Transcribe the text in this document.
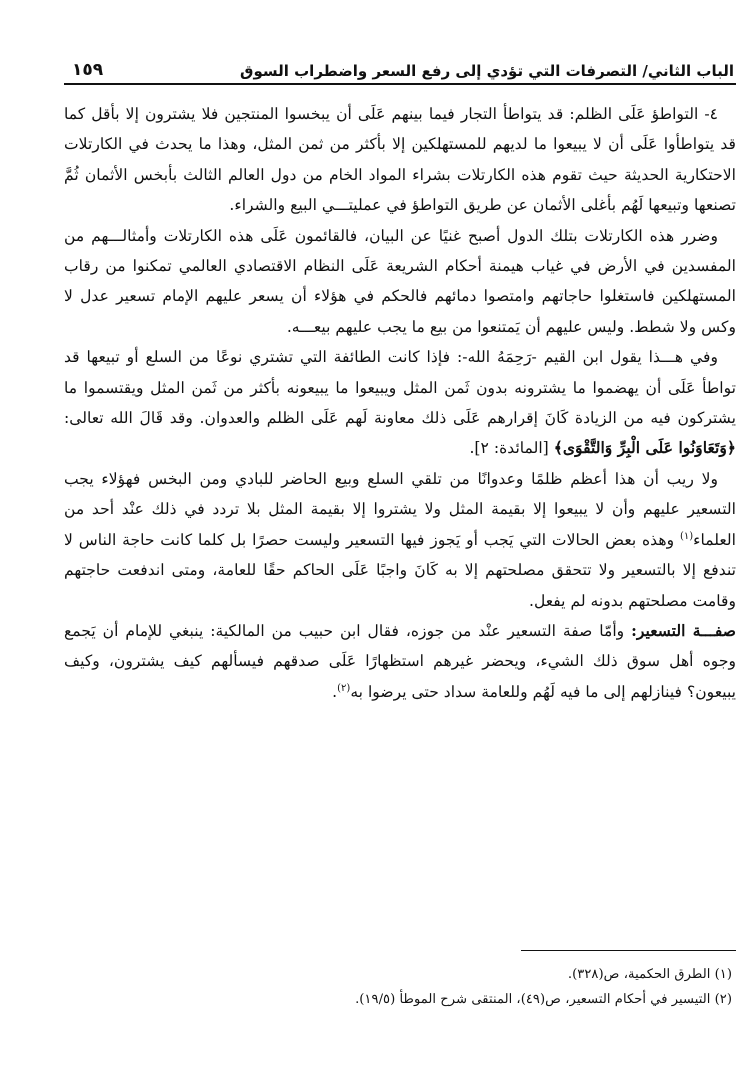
الباب الثاني/ التصرفات التي تؤدي إلى رفع السعر واضطراب السوق
١٥٩

٤- التواطؤ عَلَى الظلم: قد يتواطأ التجار فيما بينهم عَلَى أن يبخسوا المنتجين فلا يشترون إلا بأقل كما قد يتواطأوا عَلَى أن لا يبيعوا ما لديهم للمستهلكين إلا بأكثر من ثمن المثل، وهذا ما يحدث في الكارتلات الاحتكارية الحديثة حيث تقوم هذه الكارتلات بشراء المواد الخام من دول العالم الثالث بأبخس الأثمان ثُمَّ تصنعها وتبيعها لَهُم بأغلى الأثمان عن طريق التواطؤ في عمليتـــي البيع والشراء.

وضرر هذه الكارتلات بتلك الدول أصبح غنيًا عن البيان، فالقائمون عَلَى هذه الكارتلات وأمثالـــهم من المفسدين في الأرض في غياب هيمنة أحكام الشريعة عَلَى النظام الاقتصادي العالمي تمكنوا من رقاب المستهلكين فاستغلوا حاجاتهم وامتصوا دمائهم فالحكم في هؤلاء أن يسعر عليهم الإمام تسعير عدل لا وكس ولا شطط. وليس عليهم أن يَمتنعوا من بيع ما يجب عليهم بيعـــه.

وفي هـــذا يقول ابن القيم -رَحِمَهُ الله-: فإذا كانت الطائفة التي تشتري نوعًا من السلع أو تبيعها قد تواطأ عَلَى أن يهضموا ما يشترونه بدون ثَمن المثل ويبيعوا ما يبيعونه بأكثر من ثَمن المثل ويقتسموا ما يشتركون فيه من الزيادة كَانَ إقرارهم عَلَى ذلك معاونة لَهم عَلَى الظلم والعدوان. وقد قَالَ الله تعالى: ﴿وَتَعَاوَنُوا عَلَى الْبِرِّ وَالتَّقْوَى﴾ [المائدة: ٢].

ولا ريب أن هذا أعظم ظلمًا وعدوانًا من تلقي السلع وبيع الحاضر للبادي ومن البخس فهؤلاء يجب التسعير عليهم وأن لا يبيعوا إلا بقيمة المثل ولا يشتروا إلا بقيمة المثل بلا تردد في ذلك عنْد أحد من العلماء$^{(١)}$ وهذه بعض الحالات التي يَجب أو يَجوز فيها التسعير وليست حصرًا بل كلما كانت حاجة الناس لا تندفع إلا بالتسعير ولا تتحقق مصلحتهم إلا به كَانَ واجبًا عَلَى الحاكم حقًا للعامة، ومتى اندفعت حاجتهم وقامت مصلحتهم بدونه لم يفعل.

صفـــة التسعير: وأمّا صفة التسعير عنْد من جوزه، فقال ابن حبيب من المالكية: ينبغي للإمام أن يَجمع وجوه أهل سوق ذلك الشيء، ويحضر غيرهم استظهارًا عَلَى صدقهم فيسألهم كيف يشترون، وكيف يبيعون؟ فينازلهم إلى ما فيه لَهُم وللعامة سداد حتى يرضوا به$^{(٢)}$.

(١) الطرق الحكمية، ص(٣٢٨).

(٢) التيسير في أحكام التسعير، ص(٤٩)، المنتقى شرح الموطأ (١٩/٥).
